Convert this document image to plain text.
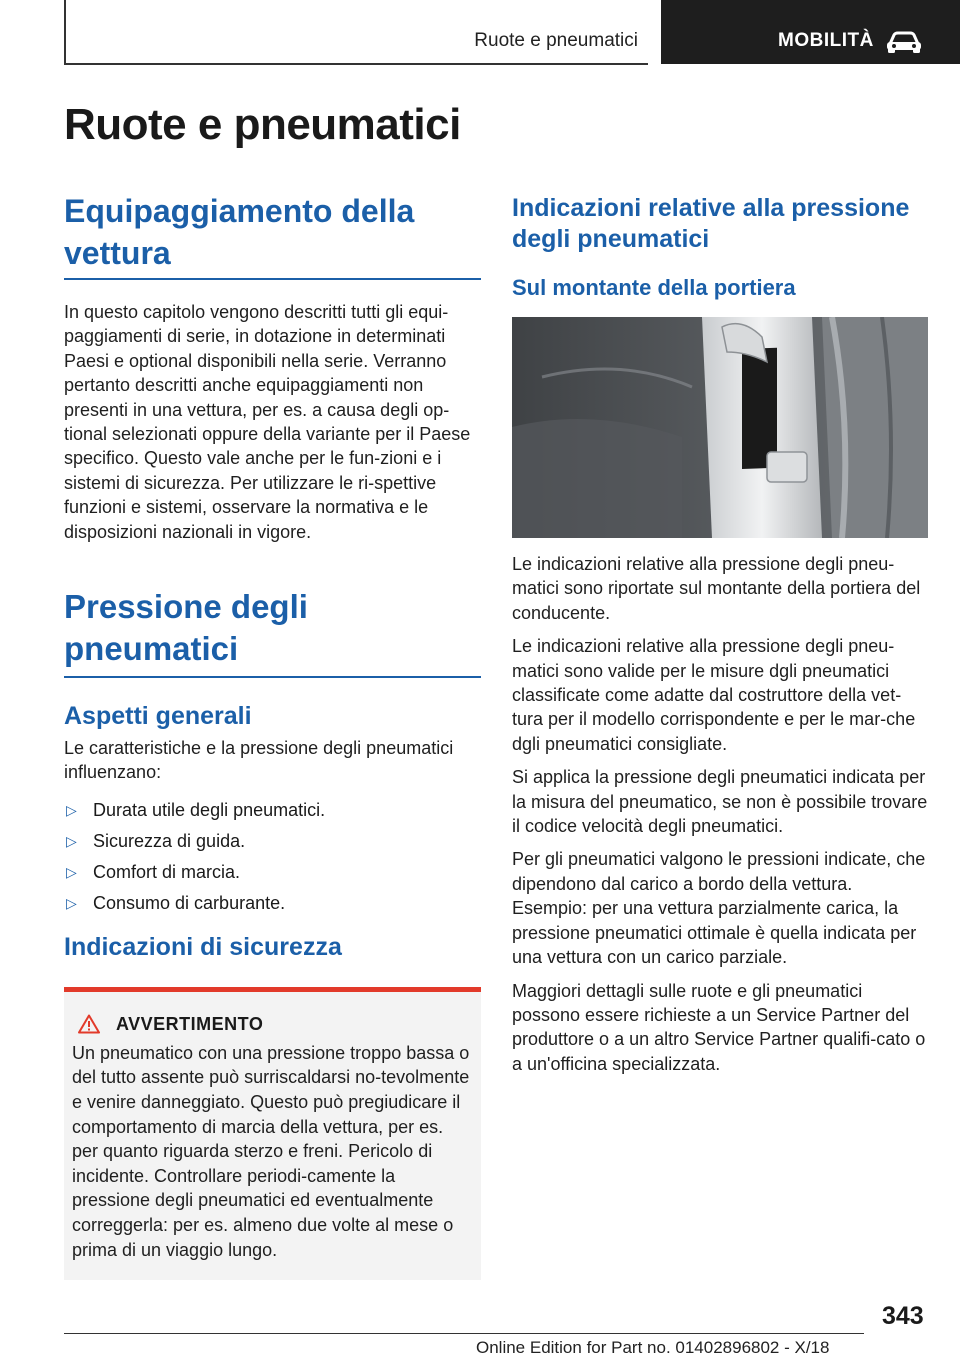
Ruote e pneumatici	MOBILITÀ
Ruote e pneumatici
Equipaggiamento della vettura
In questo capitolo vengono descritti tutti gli equi-paggiamenti di serie, in dotazione in determinati Paesi e optional disponibili nella serie. Verranno pertanto descritti anche equipaggiamenti non presenti in una vettura, per es. a causa degli op-tional selezionati oppure della variante per il Paese specifico. Questo vale anche per le fun-zioni e i sistemi di sicurezza. Per utilizzare le ri-spettive funzioni e sistemi, osservare la normativa e le disposizioni nazionali in vigore.
Pressione degli pneumatici
Aspetti generali
Le caratteristiche e la pressione degli pneumatici influenzano:
▷ Durata utile degli pneumatici.
▷ Sicurezza di guida.
▷ Comfort di marcia.
▷ Consumo di carburante.
Indicazioni di sicurezza
AVVERTIMENTO
Un pneumatico con una pressione troppo bassa o del tutto assente può surriscaldarsi no-tevolmente e venire danneggiato. Questo può pregiudicare il comportamento di marcia della vettura, per es. per quanto riguarda sterzo e freni. Pericolo di incidente. Controllare periodi-camente la pressione degli pneumatici ed eventualmente correggerla: per es. almeno due volte al mese o prima di un viaggio lungo.
Indicazioni relative alla pressione degli pneumatici
Sul montante della portiera
Le indicazioni relative alla pressione degli pneu-matici sono riportate sul montante della portiera del conducente.
Le indicazioni relative alla pressione degli pneu-matici sono valide per le misure dgli pneumatici classificate come adatte dal costruttore della vet-tura per il modello corrispondente e per le mar-che dgli pneumatici consigliate.
Si applica la pressione degli pneumatici indicata per la misura del pneumatico, se non è possibile trovare il codice velocità degli pneumatici.
Per gli pneumatici valgono le pressioni indicate, che dipendono dal carico a bordo della vettura. Esempio: per una vettura parzialmente carica, la pressione pneumatici ottimale è quella indicata per una vettura con un carico parziale.
Maggiori dettagli sulle ruote e gli pneumatici possono essere richieste a un Service Partner del produttore o a un altro Service Partner qualifi-cato o a un'officina specializzata.
343
Online Edition for Part no. 01402896802 - X/18
